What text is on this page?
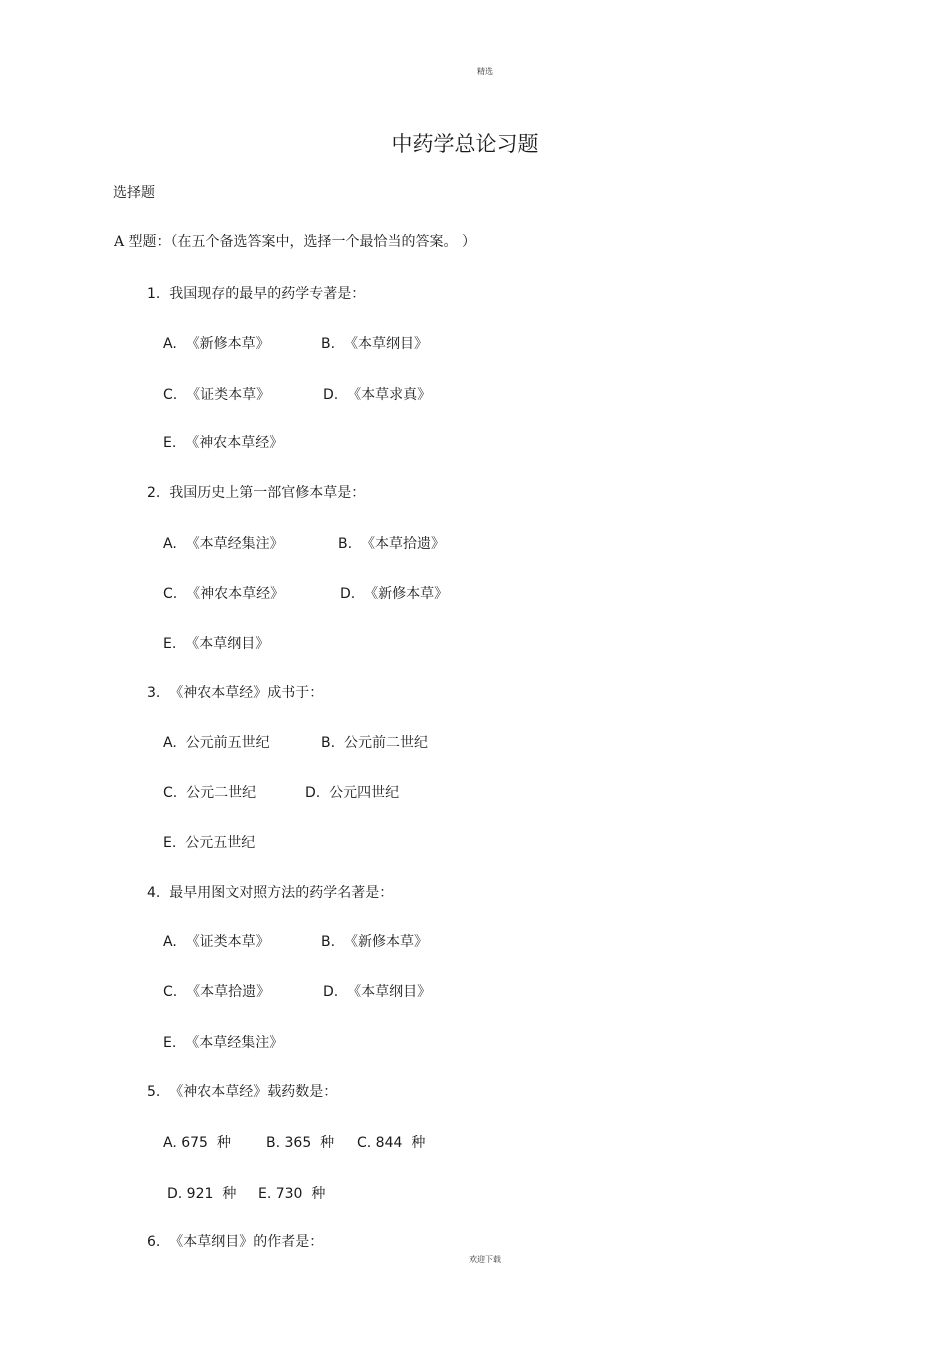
精选
中药学总论习题
选择题
A 型题：（在五个备选答案中，选择一个最恰当的答案。 ）
1. 我国现存的最早的药学专著是：
A. 《新修本草》	B. 《本草纲目》
C. 《证类本草》	D. 《本草求真》
E. 《神农本草经》
2. 我国历史上第一部官修本草是：
A. 《本草经集注》	B. 《本草拾遗》
C. 《神农本草经》	D. 《新修本草》
E. 《本草纲目》
3. 《神农本草经》成书于：
A. 公元前五世纪	B. 公元前二世纪
C. 公元二世纪	D. 公元四世纪
E. 公元五世纪
4. 最早用图文对照方法的药学名著是：
A. 《证类本草》	B. 《新修本草》
C. 《本草拾遗》	D. 《本草纲目》
E. 《本草经集注》
5. 《神农本草经》载药数是：
A. 675 种	B. 365 种 C. 844 种
D. 921 种 E. 730 种
6. 《本草纲目》的作者是：
欢迎下载
